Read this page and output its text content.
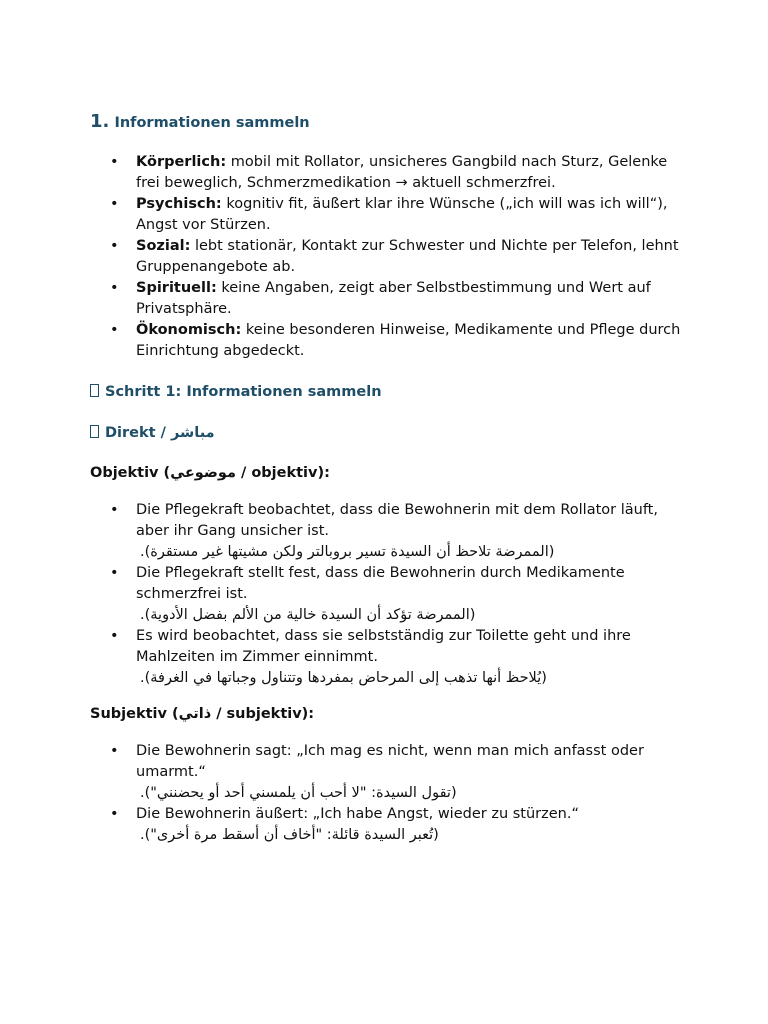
1. Informationen sammeln
• Körperlich: mobil mit Rollator, unsicheres Gangbild nach Sturz, Gelenke frei beweglich, Schmerzmedikation → aktuell schmerzfrei.
• Psychisch: kognitiv fit, äußert klar ihre Wünsche („ich will was ich will“), Angst vor Stürzen.
• Sozial: lebt stationär, Kontakt zur Schwester und Nichte per Telefon, lehnt Gruppenangebote ab.
• Spirituell: keine Angaben, zeigt aber Selbstbestimmung und Wert auf Privatsphäre.
• Ökonomisch: keine besonderen Hinweise, Medikamente und Pflege durch Einrichtung abgedeckt.
Schritt 1: Informationen sammeln
Direkt / مباشر
Objektiv (موضوعي / objektiv):
• Die Pflegekraft beobachtet, dass die Bewohnerin mit dem Rollator läuft, aber ihr Gang unsicher ist.
(الممرضة تلاحظ أن السيدة تسير بروبالتر ولكن مشيتها غير مستقرة).
• Die Pflegekraft stellt fest, dass die Bewohnerin durch Medikamente schmerzfrei ist.
(الممرضة تؤكد أن السيدة خالية من الألم بفضل الأدوية).
• Es wird beobachtet, dass sie selbstständig zur Toilette geht und ihre Mahlzeiten im Zimmer einnimmt.
(يُلاحظ أنها تذهب إلى المرحاض بمفردها وتتناول وجباتها في الغرفة).
Subjektiv (ذاتي / subjektiv):
• Die Bewohnerin sagt: „Ich mag es nicht, wenn man mich anfasst oder umarmt.“
(تقول السيدة: "لا أحب أن يلمسني أحد أو يحضنني").
• Die Bewohnerin äußert: „Ich habe Angst, wieder zu stürzen.“
(تُعبر السيدة قائلة: "أخاف أن أسقط مرة أخرى").
